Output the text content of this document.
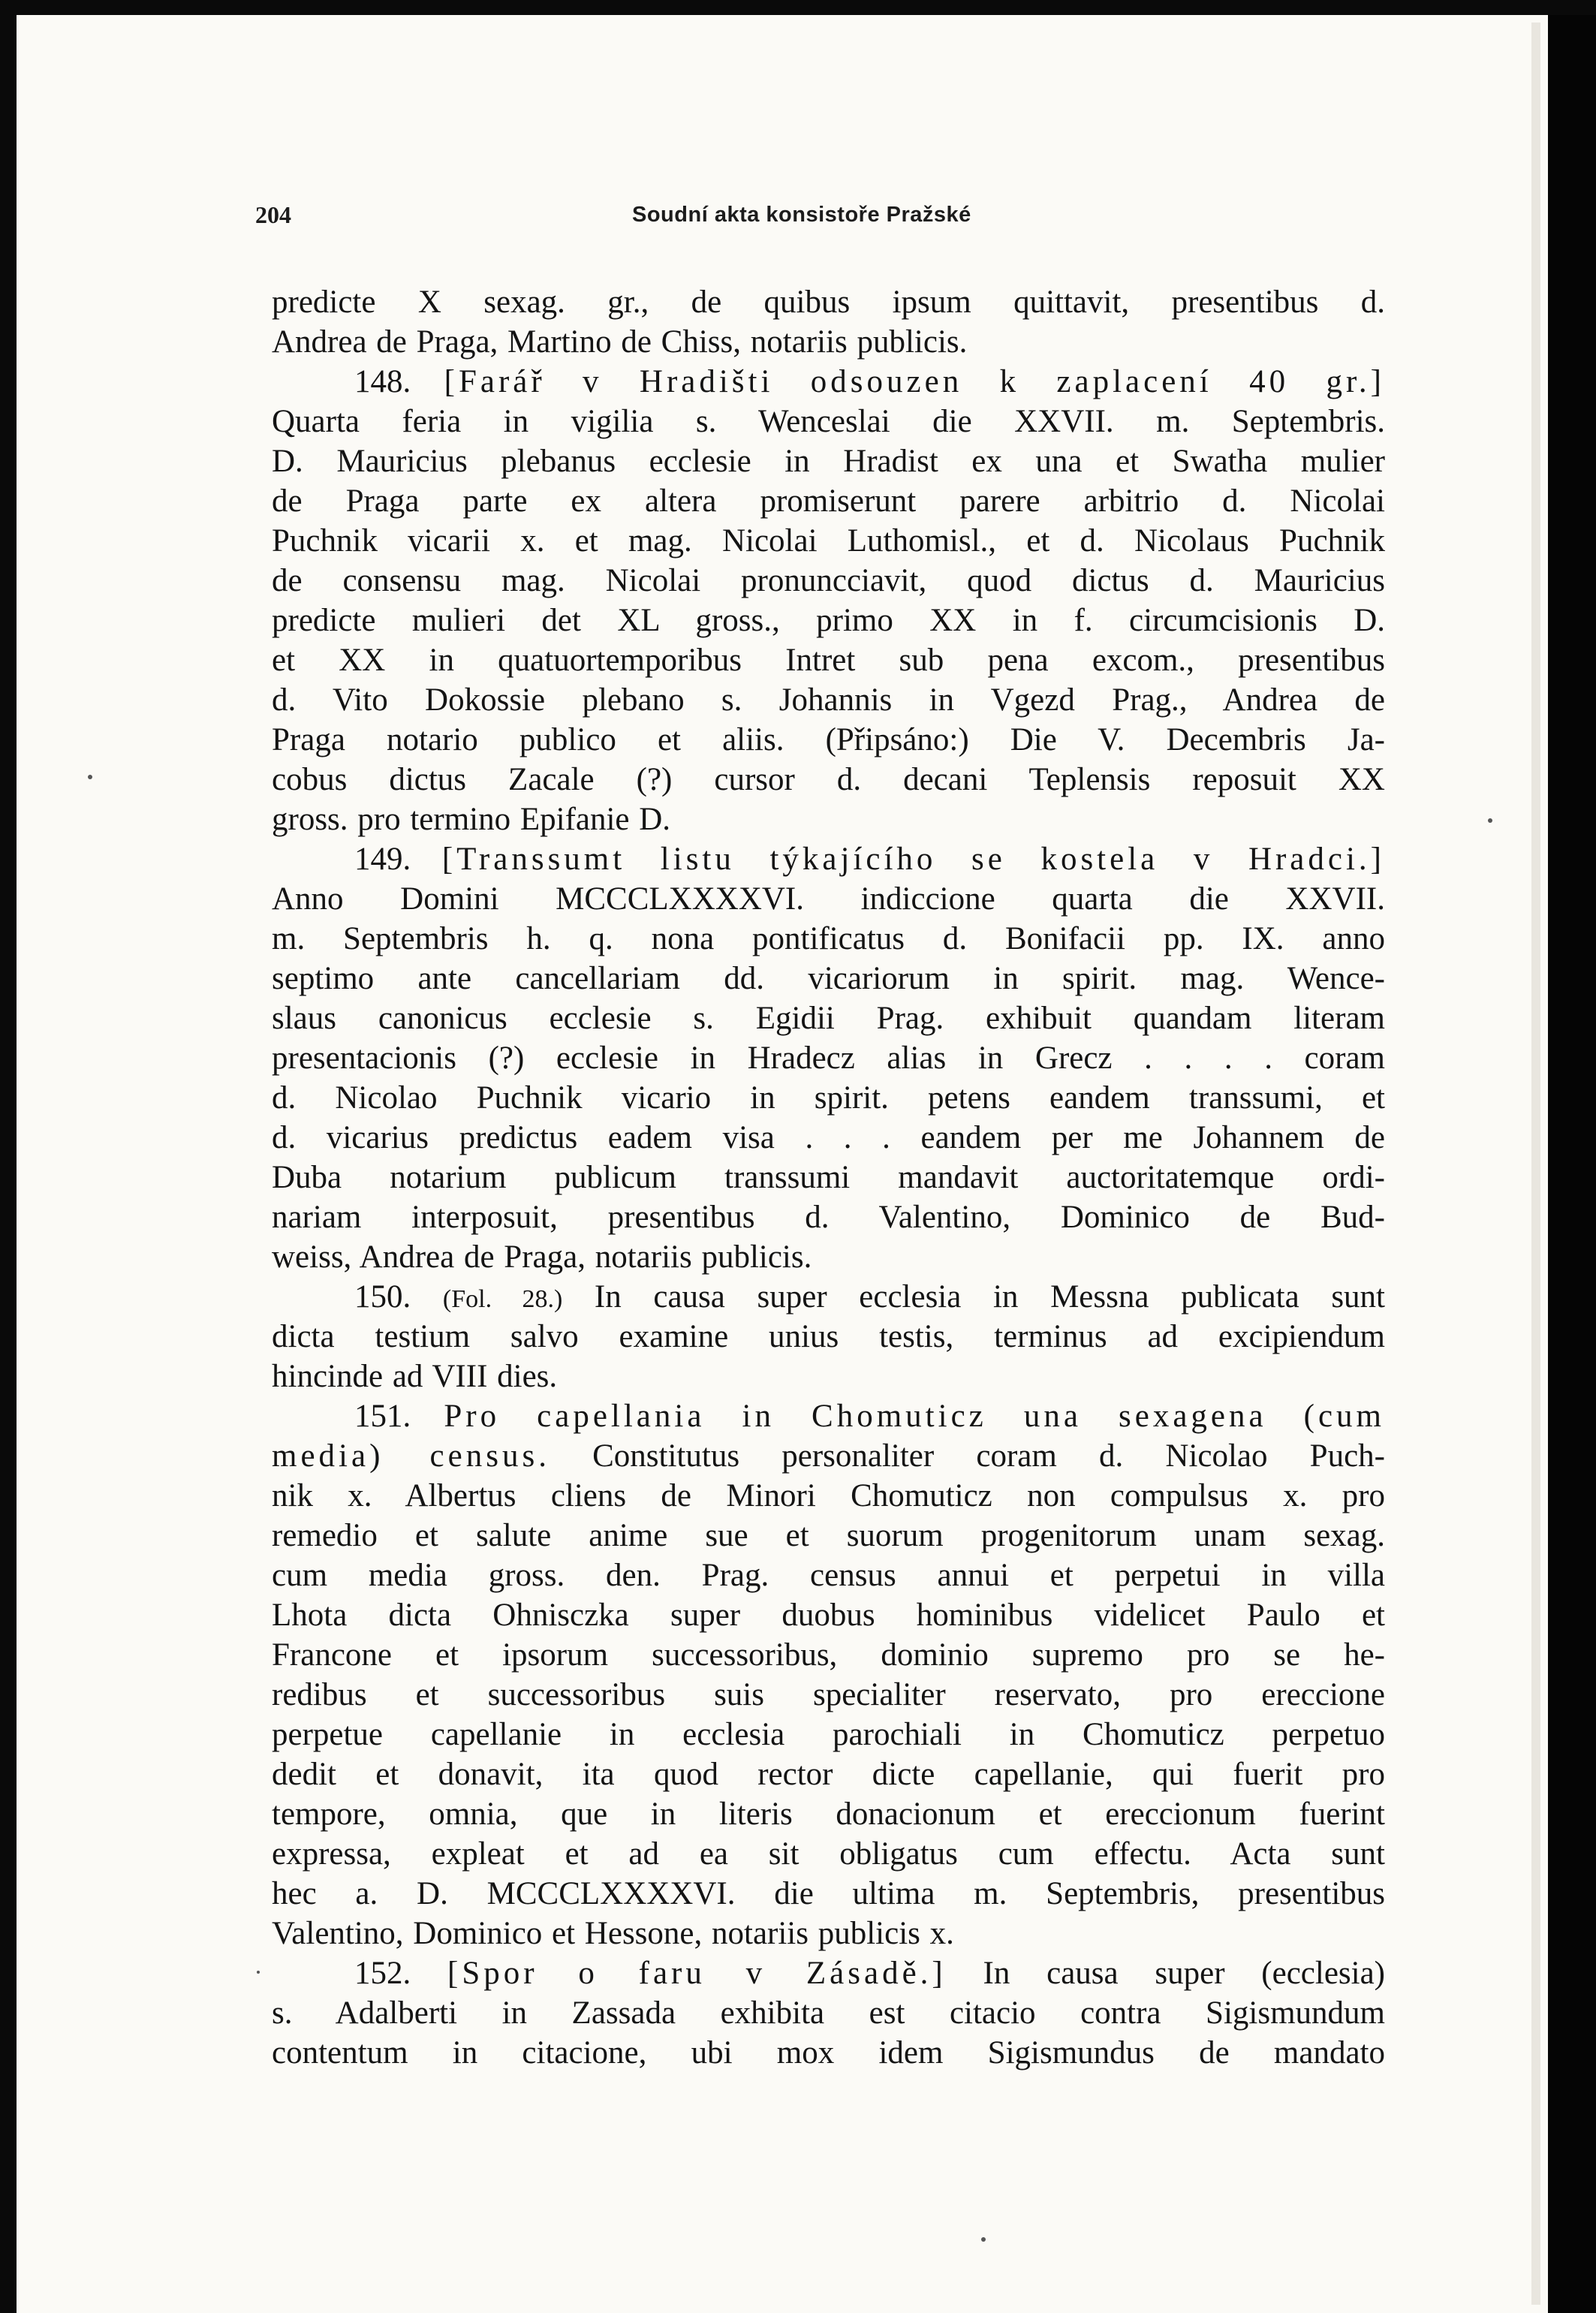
204	Soudní akta konsistoře Pražské
predicte X sexag. gr., de quibus ipsum quittavit, presentibus d.
Andrea de Praga, Martino de Chiss, notariis publicis.
148. [Farář v Hradišti odsouzen k zaplacení 40 gr.]
Quarta feria in vigilia s. Wenceslai die XXVII. m. Septembris.
D. Mauricius plebanus ecclesie in Hradist ex una et Swatha mulier
de Praga parte ex altera promiserunt parere arbitrio d. Nicolai
Puchnik vicarii x. et mag. Nicolai Luthomisl., et d. Nicolaus Puchnik
de consensu mag. Nicolai pronuncciavit, quod dictus d. Mauricius
predicte mulieri det XL gross., primo XX in f. circumcisionis D.
et XX in quatuortemporibus Intret sub pena excom., presentibus
d. Vito Dokossie plebano s. Johannis in Vgezd Prag., Andrea de
Praga notario publico et aliis. (Připsáno:) Die V. Decembris Ja-
cobus dictus Zacale (?) cursor d. decani Teplensis reposuit XX
gross. pro termino Epifanie D.
149. [Transsumt listu týkajícího se kostela v Hradci.]
Anno Domini MCCCLXXXXVI. indiccione quarta die XXVII.
m. Septembris h. q. nona pontificatus d. Bonifacii pp. IX. anno
septimo ante cancellariam dd. vicariorum in spirit. mag. Wence-
slaus canonicus ecclesie s. Egidii Prag. exhibuit quandam literam
presentacionis (?) ecclesie in Hradecz alias in Grecz . . . . coram
d. Nicolao Puchnik vicario in spirit. petens eandem transsumi, et
d. vicarius predictus eadem visa . . . eandem per me Johannem de
Duba notarium publicum transsumi mandavit auctoritatemque ordi-
nariam interposuit, presentibus d. Valentino, Dominico de Bud-
weiss, Andrea de Praga, notariis publicis.
150. (Fol. 28.) In causa super ecclesia in Messna publicata sunt
dicta testium salvo examine unius testis, terminus ad excipiendum
hincinde ad VIII dies.
151. Pro capellania in Chomuticz una sexagena (cum
media) census. Constitutus personaliter coram d. Nicolao Puch-
nik x. Albertus cliens de Minori Chomuticz non compulsus x. pro
remedio et salute anime sue et suorum progenitorum unam sexag.
cum media gross. den. Prag. census annui et perpetui in villa
Lhota dicta Ohnisczka super duobus hominibus videlicet Paulo et
Francone et ipsorum successoribus, dominio supremo pro se he-
redibus et successoribus suis specialiter reservato, pro ereccione
perpetue capellanie in ecclesia parochiali in Chomuticz perpetuo
dedit et donavit, ita quod rector dicte capellanie, qui fuerit pro
tempore, omnia, que in literis donacionum et ereccionum fuerint
expressa, expleat et ad ea sit obligatus cum effectu. Acta sunt
hec a. D. MCCCLXXXXVI. die ultima m. Septembris, presentibus
Valentino, Dominico et Hessone, notariis publicis x.
152. [Spor o faru v Zásadě.] In causa super (ecclesia)
s. Adalberti in Zassada exhibita est citacio contra Sigismundum
contentum in citacione, ubi mox idem Sigismundus de mandato
